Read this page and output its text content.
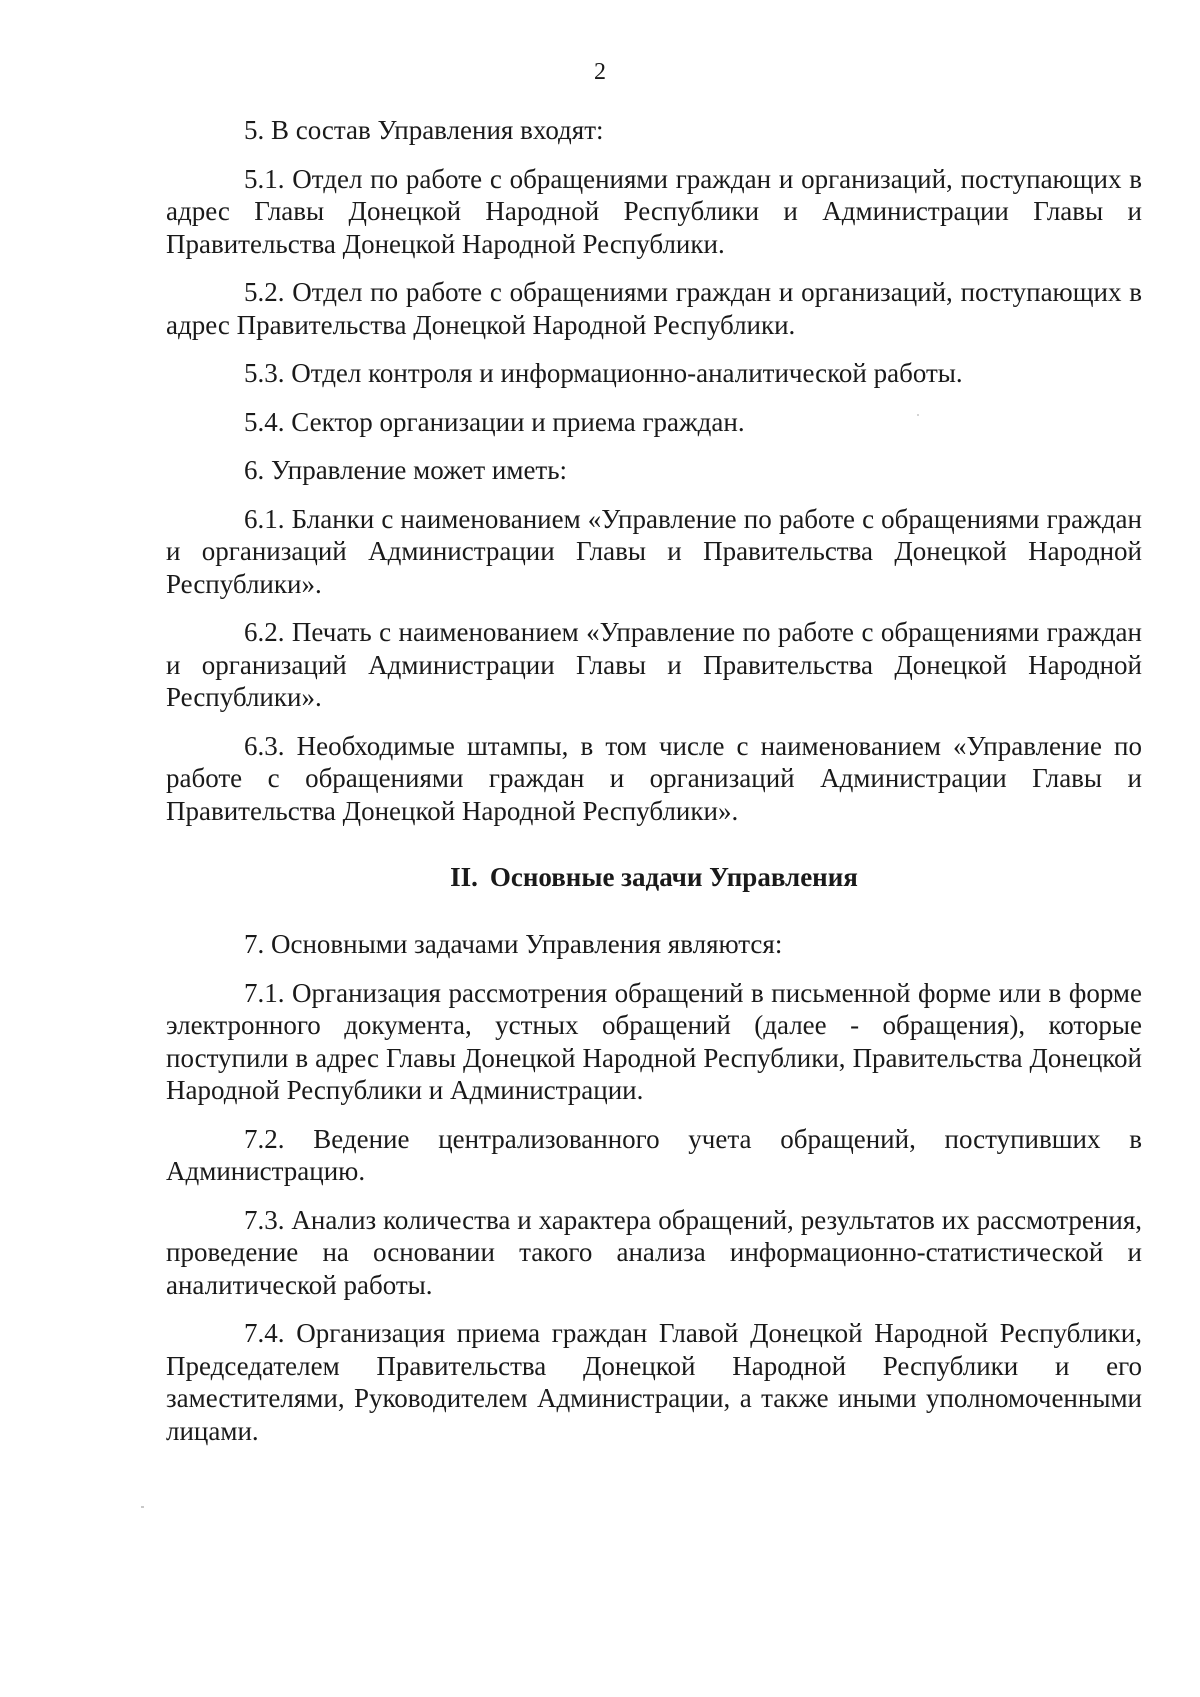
2

5. В состав Управления входят:

5.1. Отдел по работе с обращениями граждан и организаций, поступающих в адрес Главы Донецкой Народной Республики и Администрации Главы и Правительства Донецкой Народной Республики.

5.2. Отдел по работе с обращениями граждан и организаций, поступающих в адрес Правительства Донецкой Народной Республики.

5.3. Отдел контроля и информационно-аналитической работы.

5.4. Сектор организации и приема граждан.

6. Управление может иметь:

6.1. Бланки с наименованием «Управление по работе с обращениями граждан и организаций Администрации Главы и Правительства Донецкой Народной Республики».

6.2. Печать с наименованием «Управление по работе с обращениями граждан и организаций Администрации Главы и Правительства Донецкой Народной Республики».

6.3. Необходимые штампы, в том числе с наименованием «Управление по работе с обращениями граждан и организаций Администрации Главы и Правительства Донецкой Народной Республики».

II. Основные задачи Управления

7. Основными задачами Управления являются:

7.1. Организация рассмотрения обращений в письменной форме или в форме электронного документа, устных обращений (далее - обращения), которые поступили в адрес Главы Донецкой Народной Республики, Правительства Донецкой Народной Республики и Администрации.

7.2. Ведение централизованного учета обращений, поступивших в Администрацию.

7.3. Анализ количества и характера обращений, результатов их рассмотрения, проведение на основании такого анализа информационно-статистической и аналитической работы.

7.4. Организация приема граждан Главой Донецкой Народной Республики, Председателем Правительства Донецкой Народной Республики и его заместителями, Руководителем Администрации, а также иными уполномоченными лицами.
